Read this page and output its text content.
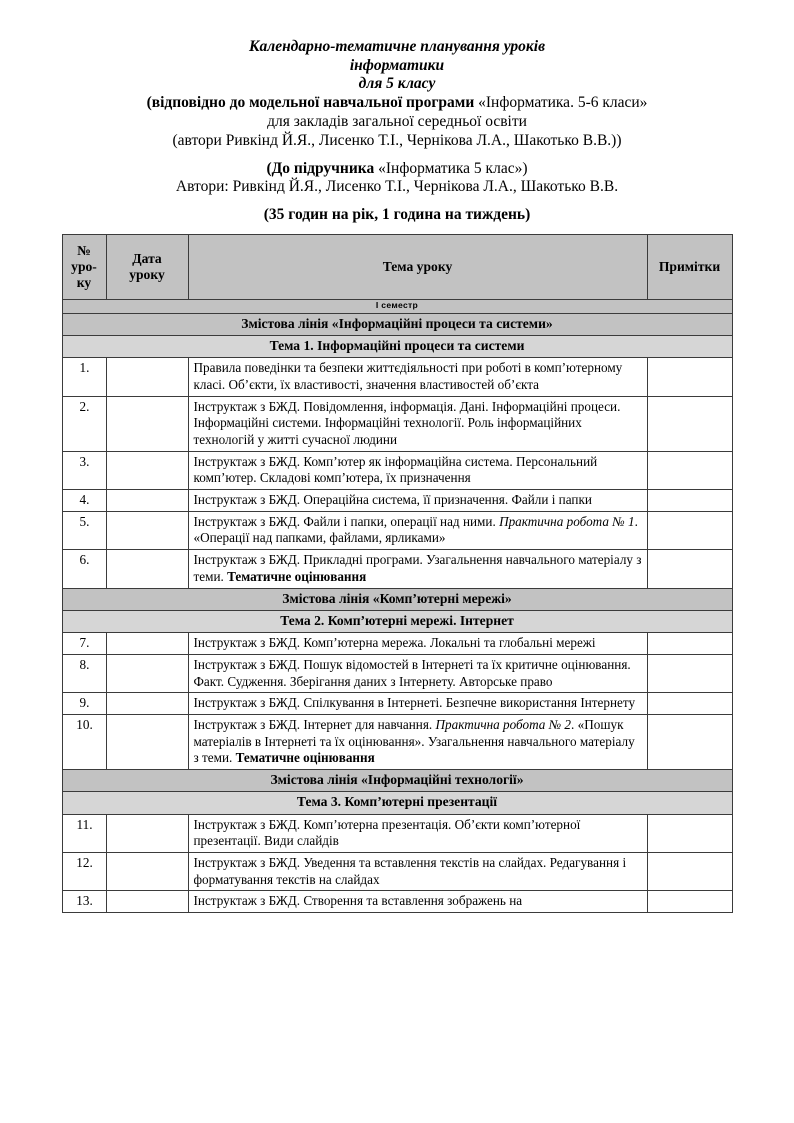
Календарно-тематичне планування уроків
інформатики
для 5 класу
(відповідно до модельної навчальної програми «Інформатика. 5-6 класи»
для закладів загальної середньої освіти
(автори Ривкінд Й.Я., Лисенко Т.І., Чернікова Л.А., Шакотько В.В.))
(До підручника «Інформатика 5 клас»)
Автори: Ривкінд Й.Я., Лисенко Т.І., Чернікова Л.А., Шакотько В.В.
(35 годин на рік, 1 година на тиждень)
№
уро-
ку	Дата
уроку	Тема уроку	Примітки
I семестр			
Змістова лінія «Інформаційні процеси та системи»			
Тема 1. Інформаційні процеси та системи			
1.		Правила поведінки та безпеки життєдіяльності при роботі в комп’ютерному класі. Об’єкти, їх властивості, значення властивостей об’єкта	
2.		Інструктаж з БЖД. Повідомлення, інформація. Дані. Інформаційні процеси. Інформаційні системи. Інформаційні технології. Роль інформаційних технологій у житті сучасної людини	
3.		Інструктаж з БЖД. Комп’ютер як інформаційна система. Персональний комп’ютер. Складові комп’ютера, їх призначення	
4.		Інструктаж з БЖД. Операційна система, її призначення. Файли і папки	
5.		Інструктаж з БЖД. Файли і папки, операції над ними. Практична робота № 1. «Операції над папками, файлами, ярликами»	
6.		Інструктаж з БЖД. Прикладні програми. Узагальнення навчального матеріалу з теми. Тематичне оцінювання	
Змістова лінія «Комп’ютерні мережі»			
Тема 2. Комп’ютерні мережі. Інтернет			
7.		Інструктаж з БЖД. Комп’ютерна мережа. Локальні та глобальні мережі	
8.		Інструктаж з БЖД. Пошук відомостей в Інтернеті та їх критичне оцінювання. Факт. Судження. Зберігання даних з Інтернету. Авторське право	
9.		Інструктаж з БЖД. Спілкування в Інтернеті. Безпечне використання Інтернету	
10.		Інструктаж з БЖД. Інтернет для навчання. Практична робота № 2. «Пошук матеріалів в Інтернеті та їх оцінювання». Узагальнення навчального матеріалу з теми. Тематичне оцінювання	
Змістова лінія «Інформаційні технології»			
Тема 3. Комп’ютерні презентації			
11.		Інструктаж з БЖД. Комп’ютерна презентація. Об’єкти комп’ютерної презентації. Види слайдів	
12.		Інструктаж з БЖД. Уведення та вставлення текстів на слайдах. Редагування і форматування текстів на слайдах	
13.		Інструктаж з БЖД. Створення та вставлення зображень на	
